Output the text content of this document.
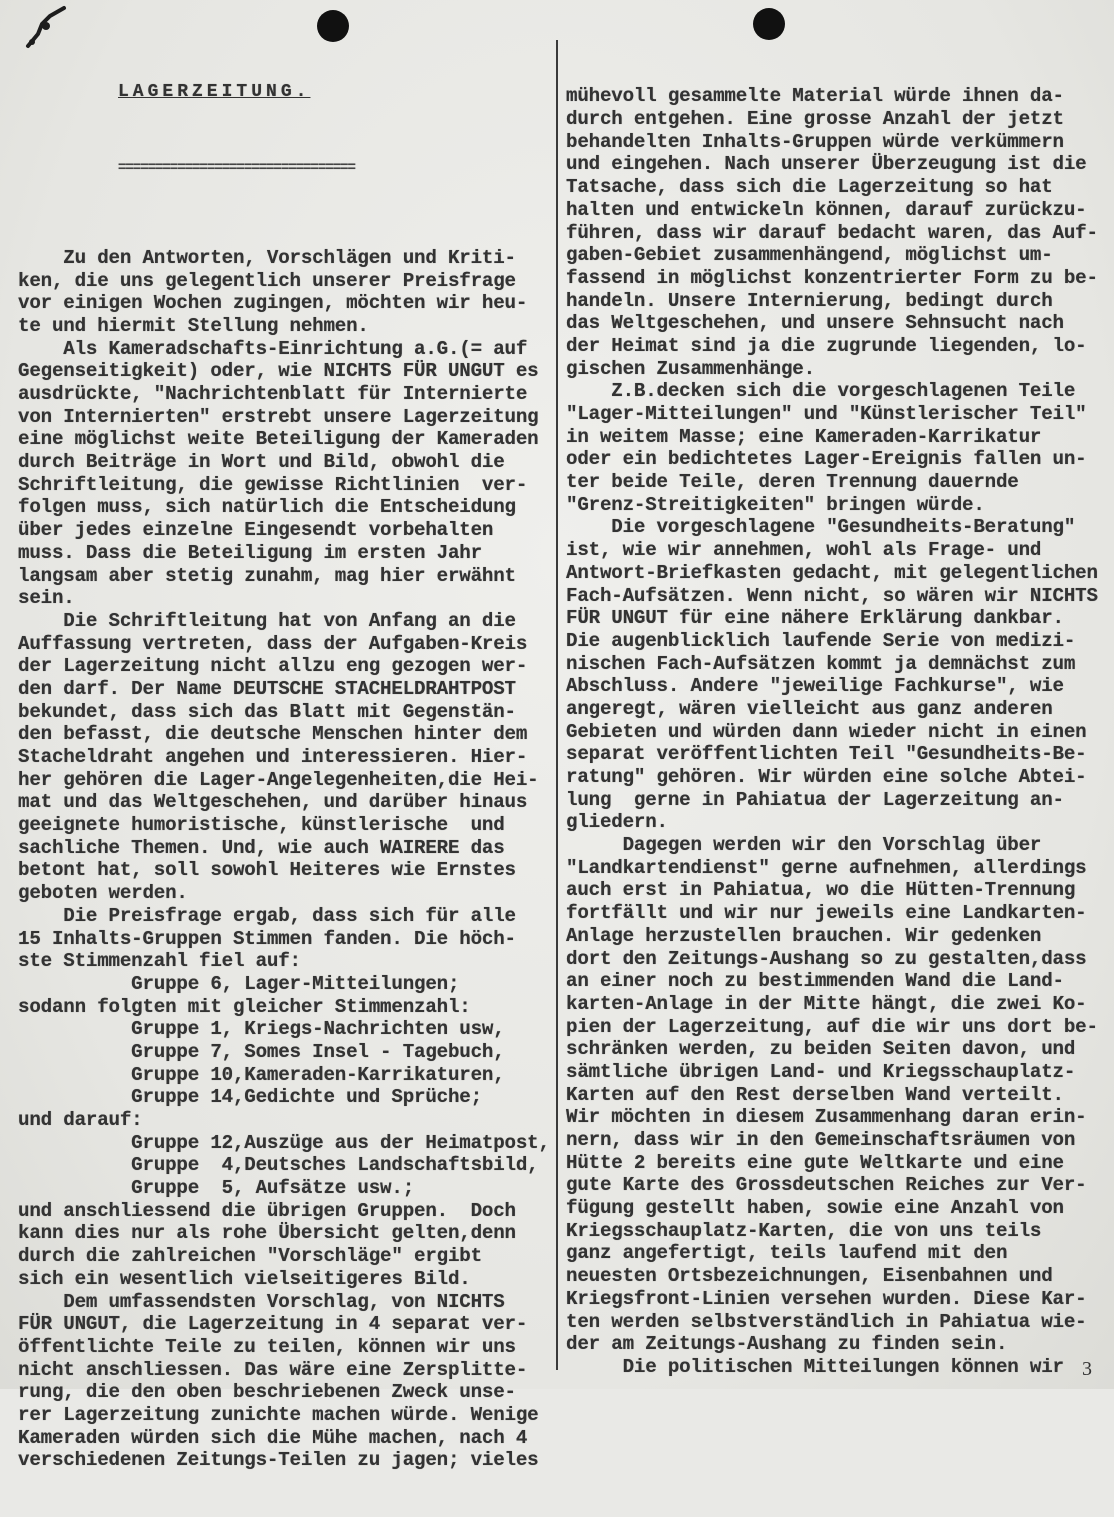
LAGERZEITUNG.

================================

Zu den Antworten, Vorschlägen und Kriti-
ken, die uns gelegentlich unserer Preisfrage
vor einigen Wochen zugingen, möchten wir heu-
te und hiermit Stellung nehmen.
Als Kameradschafts-Einrichtung a.G.(= auf
Gegenseitigkeit) oder, wie NICHTS FÜR UNGUT es
ausdrückte, "Nachrichtenblatt für Internierte
von Internierten" erstrebt unsere Lagerzeitung
eine möglichst weite Beteiligung der Kameraden
durch Beiträge in Wort und Bild, obwohl die
Schriftleitung, die gewisse Richtlinien  ver-
folgen muss, sich natürlich die Entscheidung
über jedes einzelne Eingesendt vorbehalten
muss. Dass die Beteiligung im ersten Jahr
langsam aber stetig zunahm, mag hier erwähnt
sein.
Die Schriftleitung hat von Anfang an die
Auffassung vertreten, dass der Aufgaben-Kreis
der Lagerzeitung nicht allzu eng gezogen wer-
den darf. Der Name DEUTSCHE STACHELDRAHTPOST
bekundet, dass sich das Blatt mit Gegenstän-
den befasst, die deutsche Menschen hinter dem
Stacheldraht angehen und interessieren. Hier-
her gehören die Lager-Angelegenheiten,die Hei-
mat und das Weltgeschehen, und darüber hinaus
geeignete humoristische, künstlerische  und
sachliche Themen. Und, wie auch WAIRERE das
betont hat, soll sowohl Heiteres wie Ernstes
geboten werden.
Die Preisfrage ergab, dass sich für alle
15 Inhalts-Gruppen Stimmen fanden. Die höch-
ste Stimmenzahl fiel auf:
Gruppe 6, Lager-Mitteilungen;
sodann folgten mit gleicher Stimmenzahl:
Gruppe 1, Kriegs-Nachrichten usw,
Gruppe 7, Somes Insel - Tagebuch,
Gruppe 10,Kameraden-Karrikaturen,
Gruppe 14,Gedichte und Sprüche;
und darauf:
Gruppe 12,Auszüge aus der Heimatpost,
Gruppe  4,Deutsches Landschaftsbild,
Gruppe  5, Aufsätze usw.;
und anschliessend die übrigen Gruppen.  Doch
kann dies nur als rohe Übersicht gelten,denn
durch die zahlreichen "Vorschläge" ergibt
sich ein wesentlich vielseitigeres Bild.
Dem umfassendsten Vorschlag, von NICHTS
FÜR UNGUT, die Lagerzeitung in 4 separat ver-
öffentlichte Teile zu teilen, können wir uns
nicht anschliessen. Das wäre eine Zersplitte-
rung, die den oben beschriebenen Zweck unse-
rer Lagerzeitung zunichte machen würde. Wenige
Kameraden würden sich die Mühe machen, nach 4
verschiedenen Zeitungs-Teilen zu jagen; vieles

mühevoll gesammelte Material würde ihnen da-
durch entgehen. Eine grosse Anzahl der jetzt
behandelten Inhalts-Gruppen würde verkümmern
und eingehen. Nach unserer Überzeugung ist die
Tatsache, dass sich die Lagerzeitung so hat
halten und entwickeln können, darauf zurückzu-
führen, dass wir darauf bedacht waren, das Auf-
gaben-Gebiet zusammenhängend, möglichst um-
fassend in möglichst konzentrierter Form zu be-
handeln. Unsere Internierung, bedingt durch
das Weltgeschehen, und unsere Sehnsucht nach
der Heimat sind ja die zugrunde liegenden, lo-
gischen Zusammenhänge.
Z.B.decken sich die vorgeschlagenen Teile
"Lager-Mitteilungen" und "Künstlerischer Teil"
in weitem Masse; eine Kameraden-Karrikatur
oder ein bedichtetes Lager-Ereignis fallen un-
ter beide Teile, deren Trennung dauernde
"Grenz-Streitigkeiten" bringen würde.
Die vorgeschlagene "Gesundheits-Beratung"
ist, wie wir annehmen, wohl als Frage- und
Antwort-Briefkasten gedacht, mit gelegentlichen
Fach-Aufsätzen. Wenn nicht, so wären wir NICHTS
FÜR UNGUT für eine nähere Erklärung dankbar.
Die augenblicklich laufende Serie von medizi-
nischen Fach-Aufsätzen kommt ja demnächst zum
Abschluss. Andere "jeweilige Fachkurse", wie
angeregt, wären vielleicht aus ganz anderen
Gebieten und würden dann wieder nicht in einen
separat veröffentlichten Teil "Gesundheits-Be-
ratung" gehören. Wir würden eine solche Abtei-
lung  gerne in Pahiatua der Lagerzeitung an-
gliedern.
Dagegen werden wir den Vorschlag über
"Landkartendienst" gerne aufnehmen, allerdings
auch erst in Pahiatua, wo die Hütten-Trennung
fortfällt und wir nur jeweils eine Landkarten-
Anlage herzustellen brauchen. Wir gedenken
dort den Zeitungs-Aushang so zu gestalten,dass
an einer noch zu bestimmenden Wand die Land-
karten-Anlage in der Mitte hängt, die zwei Ko-
pien der Lagerzeitung, auf die wir uns dort be-
schränken werden, zu beiden Seiten davon, und
sämtliche übrigen Land- und Kriegsschauplatz-
Karten auf den Rest derselben Wand verteilt.
Wir möchten in diesem Zusammenhang daran erin-
nern, dass wir in den Gemeinschaftsräumen von
Hütte 2 bereits eine gute Weltkarte und eine
gute Karte des Grossdeutschen Reiches zur Ver-
fügung gestellt haben, sowie eine Anzahl von
Kriegsschauplatz-Karten, die von uns teils
ganz angefertigt, teils laufend mit den
neuesten Ortsbezeichnungen, Eisenbahnen und
Kriegsfront-Linien versehen wurden. Diese Kar-
ten werden selbstverständlich in Pahiatua wie-
der am Zeitungs-Aushang zu finden sein.
Die politischen Mitteilungen können wir

3
